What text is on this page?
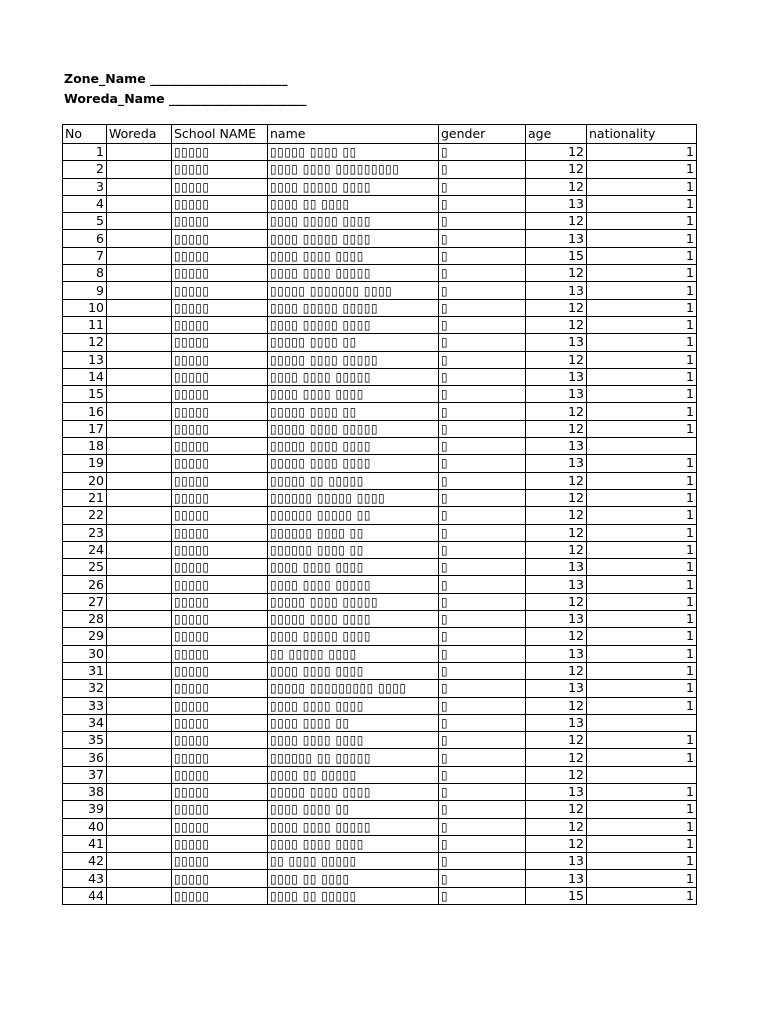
Zone_Name ______________________
Woreda_Name ______________________
No	Woreda	School NAME	name	gender	age	nationality
1		▯▯▯▯▯	▯▯▯▯▯ ▯▯▯▯ ▯▯	▯	12	1
2		▯▯▯▯▯	▯▯▯▯ ▯▯▯▯ ▯▯▯▯▯▯▯▯▯	▯	12	1
3		▯▯▯▯▯	▯▯▯▯ ▯▯▯▯▯ ▯▯▯▯	▯	12	1
4		▯▯▯▯▯	▯▯▯▯ ▯▯ ▯▯▯▯	▯	13	1
5		▯▯▯▯▯	▯▯▯▯ ▯▯▯▯▯ ▯▯▯▯	▯	12	1
6		▯▯▯▯▯	▯▯▯▯ ▯▯▯▯▯ ▯▯▯▯	▯	13	1
7		▯▯▯▯▯	▯▯▯▯ ▯▯▯▯ ▯▯▯▯	▯	15	1
8		▯▯▯▯▯	▯▯▯▯ ▯▯▯▯ ▯▯▯▯▯	▯	12	1
9		▯▯▯▯▯	▯▯▯▯▯ ▯▯▯▯▯▯▯ ▯▯▯▯	▯	13	1
10		▯▯▯▯▯	▯▯▯▯ ▯▯▯▯▯ ▯▯▯▯▯	▯	12	1
11		▯▯▯▯▯	▯▯▯▯ ▯▯▯▯▯ ▯▯▯▯	▯	12	1
12		▯▯▯▯▯	▯▯▯▯▯ ▯▯▯▯ ▯▯	▯	13	1
13		▯▯▯▯▯	▯▯▯▯▯ ▯▯▯▯ ▯▯▯▯▯	▯	12	1
14		▯▯▯▯▯	▯▯▯▯ ▯▯▯▯ ▯▯▯▯▯	▯	13	1
15		▯▯▯▯▯	▯▯▯▯ ▯▯▯▯ ▯▯▯▯	▯	13	1
16		▯▯▯▯▯	▯▯▯▯▯ ▯▯▯▯ ▯▯	▯	12	1
17		▯▯▯▯▯	▯▯▯▯▯ ▯▯▯▯ ▯▯▯▯▯	▯	12	1
18		▯▯▯▯▯	▯▯▯▯▯ ▯▯▯▯ ▯▯▯▯	▯	13	
19		▯▯▯▯▯	▯▯▯▯▯ ▯▯▯▯ ▯▯▯▯	▯	13	1
20		▯▯▯▯▯	▯▯▯▯▯ ▯▯ ▯▯▯▯▯	▯	12	1
21		▯▯▯▯▯	▯▯▯▯▯▯ ▯▯▯▯▯ ▯▯▯▯	▯	12	1
22		▯▯▯▯▯	▯▯▯▯▯▯ ▯▯▯▯▯ ▯▯	▯	12	1
23		▯▯▯▯▯	▯▯▯▯▯▯ ▯▯▯▯ ▯▯	▯	12	1
24		▯▯▯▯▯	▯▯▯▯▯▯ ▯▯▯▯ ▯▯	▯	12	1
25		▯▯▯▯▯	▯▯▯▯ ▯▯▯▯ ▯▯▯▯	▯	13	1
26		▯▯▯▯▯	▯▯▯▯ ▯▯▯▯ ▯▯▯▯▯	▯	13	1
27		▯▯▯▯▯	▯▯▯▯▯ ▯▯▯▯ ▯▯▯▯▯	▯	12	1
28		▯▯▯▯▯	▯▯▯▯▯ ▯▯▯▯ ▯▯▯▯	▯	13	1
29		▯▯▯▯▯	▯▯▯▯ ▯▯▯▯▯ ▯▯▯▯	▯	12	1
30		▯▯▯▯▯	▯▯ ▯▯▯▯▯ ▯▯▯▯	▯	13	1
31		▯▯▯▯▯	▯▯▯▯ ▯▯▯▯ ▯▯▯▯	▯	12	1
32		▯▯▯▯▯	▯▯▯▯▯ ▯▯▯▯▯▯▯▯▯ ▯▯▯▯	▯	13	1
33		▯▯▯▯▯	▯▯▯▯ ▯▯▯▯ ▯▯▯▯	▯	12	1
34		▯▯▯▯▯	▯▯▯▯ ▯▯▯▯ ▯▯	▯	13	
35		▯▯▯▯▯	▯▯▯▯ ▯▯▯▯ ▯▯▯▯	▯	12	1
36		▯▯▯▯▯	▯▯▯▯▯▯ ▯▯ ▯▯▯▯▯	▯	12	1
37		▯▯▯▯▯	▯▯▯▯ ▯▯ ▯▯▯▯▯	▯	12	
38		▯▯▯▯▯	▯▯▯▯▯ ▯▯▯▯ ▯▯▯▯	▯	13	1
39		▯▯▯▯▯	▯▯▯▯ ▯▯▯▯ ▯▯	▯	12	1
40		▯▯▯▯▯	▯▯▯▯ ▯▯▯▯ ▯▯▯▯▯	▯	12	1
41		▯▯▯▯▯	▯▯▯▯ ▯▯▯▯ ▯▯▯▯	▯	12	1
42		▯▯▯▯▯	▯▯ ▯▯▯▯ ▯▯▯▯▯	▯	13	1
43		▯▯▯▯▯	▯▯▯▯ ▯▯ ▯▯▯▯	▯	13	1
44		▯▯▯▯▯	▯▯▯▯ ▯▯ ▯▯▯▯▯	▯	15	1
